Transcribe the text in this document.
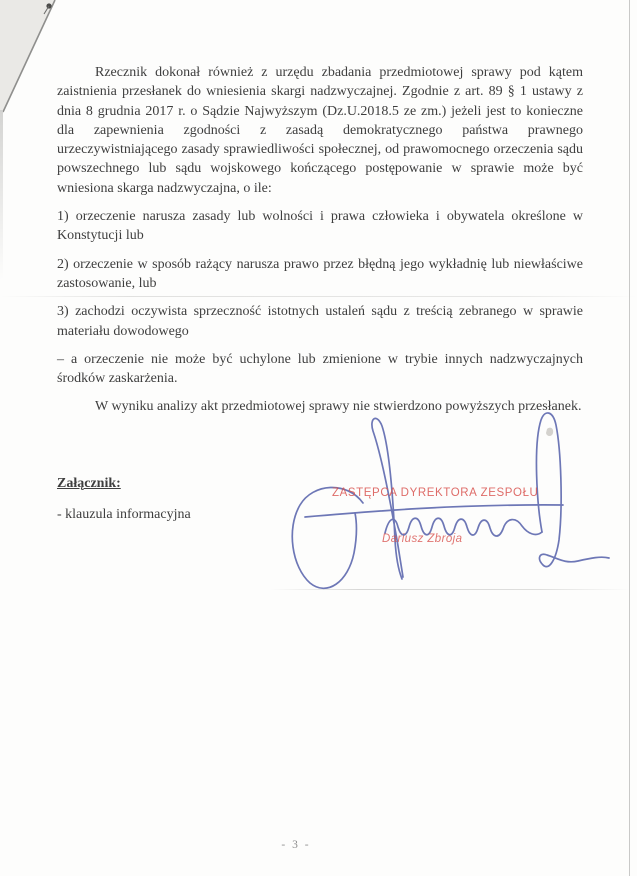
Rzecznik dokonał również z urzędu zbadania przedmiotowej sprawy pod kątem zaistnienia przesłanek do wniesienia skargi nadzwyczajnej. Zgodnie z art. 89 § 1 ustawy z dnia 8 grudnia 2017 r. o Sądzie Najwyższym (Dz.U.2018.5 ze zm.) jeżeli jest to konieczne dla zapewnienia zgodności z zasadą demokratycznego państwa prawnego urzeczywistniającego zasady sprawiedliwości społecznej, od prawomocnego orzeczenia sądu powszechnego lub sądu wojskowego kończącego postępowanie w sprawie może być wniesiona skarga nadzwyczajna, o ile:

1) orzeczenie narusza zasady lub wolności i prawa człowieka i obywatela określone w Konstytucji lub

2) orzeczenie w sposób rażący narusza prawo przez błędną jego wykładnię lub niewłaściwe zastosowanie, lub

3) zachodzi oczywista sprzeczność istotnych ustaleń sądu z treścią zebranego w sprawie materiału dowodowego

– a orzeczenie nie może być uchylone lub zmienione w trybie innych nadzwyczajnych środków zaskarżenia.

W wyniku analizy akt przedmiotowej sprawy nie stwierdzono powyższych przesłanek.

Załącznik:

- klauzula informacyjna

ZASTĘPCA DYREKTORA ZESPOŁU
Dariusz Zbroja
- 3 -
